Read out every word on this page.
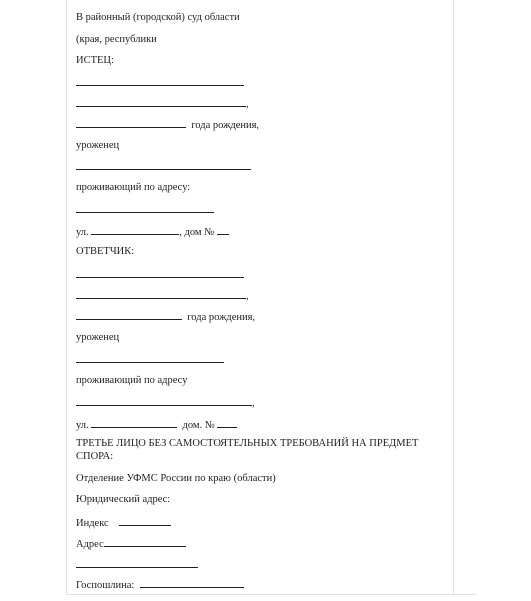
В районный (городской) суд области
(края, республики
ИСТЕЦ:
,
года рождения,
уроженец
проживающий по адресу:
ул.	, дом №
ОТВЕТЧИК:
,
года рождения,
уроженец
проживающий по адресу
,
ул.	дом. №
ТРЕТЬЕ ЛИЦО БЕЗ САМОСТОЯТЕЛЬНЫХ ТРЕБОВАНИЙ НА ПРЕДМЕТ
СПОРА:
Отделение УФМС России по краю (области)
Юридический адрес:
Индекс
Адрес
Госпошлина:
